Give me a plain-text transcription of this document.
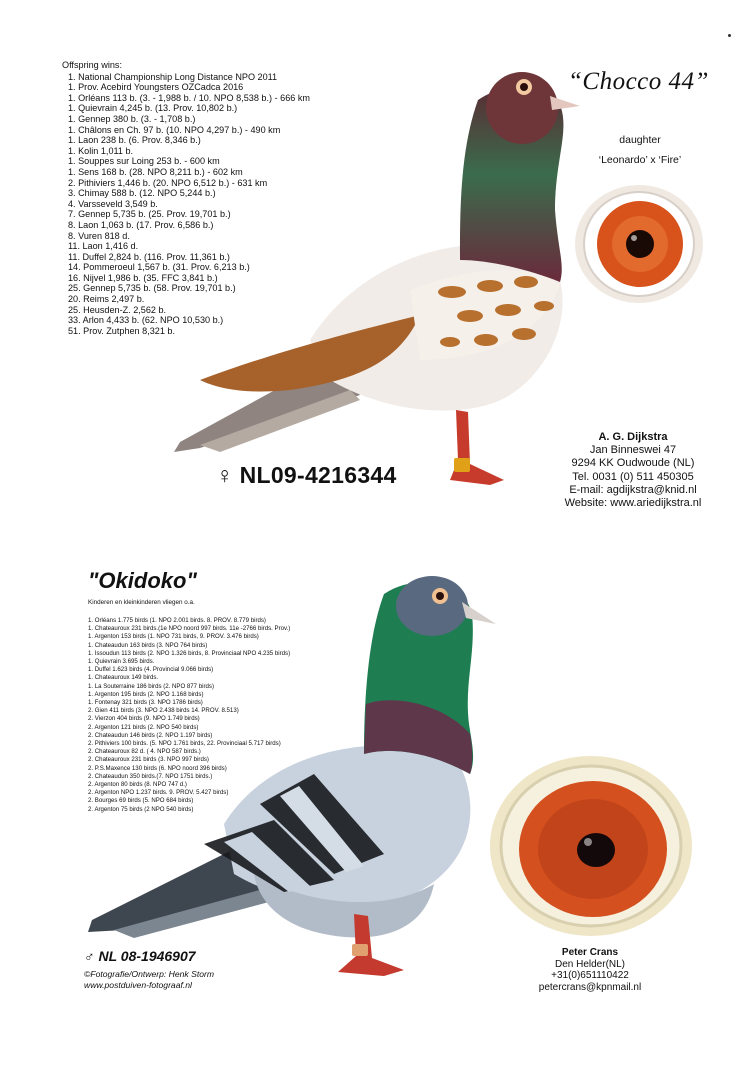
Offspring wins:
1. National Championship Long Distance NPO 2011
1. Prov. Acebird Youngsters OZCadca 2016
1. Orléans 113 b. (3. - 1,988 b. / 10. NPO 8,538 b.) - 666 km
1. Quievrain 4,245 b. (13. Prov. 10,802 b.)
1. Gennep 380 b. (3. - 1,708 b.)
1. Châlons en Ch. 97 b. (10. NPO 4,297 b.) - 490 km
1. Laon 238 b. (6. Prov. 8,346 b.)
1. Kolin 1,011 b.
1. Souppes sur Loing 253 b. - 600 km
1. Sens 168 b. (28. NPO 8,211 b.) - 602 km
2. Pithiviers 1,446 b. (20. NPO 6,512 b.) - 631 km
3. Chimay 588 b. (12. NPO 5,244 b.)
4. Varsseveld 3,549 b.
7. Gennep 5,735 b. (25. Prov. 19,701 b.)
8. Laon 1,063 b. (17. Prov. 6,586 b.)
8. Vuren 818 d.
11. Laon 1,416 d.
11. Duffel 2,824 b. (116. Prov. 11,361 b.)
14. Pommeroeul 1,567 b. (31. Prov. 6,213 b.)
16. Nijvel 1,986 b. (35. FFC 3,841 b.)
25. Gennep 5,735 b. (58. Prov. 19,701 b.)
20. Reims 2,497 b.
25. Heusden-Z. 2,562 b.
33. Arlon 4,433 b. (62. NPO 10,530 b.)
51. Prov. Zutphen 8,321 b.
“Chocco 44”
daughter
‘Leonardo’ x ‘Fire’
♀ NL09-4216344
A. G. Dijkstra
Jan Binneswei 47
9294 KK Oudwoude (NL)
Tel. 0031 (0) 511 450305
E-mail: agdijkstra@knid.nl
Website: www.ariedijkstra.nl
"Okidoko"
Kinderen en kleinkinderen vliegen o.a.
1. Orléans 1.775 birds (1. NPO 2.001 birds. 8. PROV. 8.779 birds)
1. Chateauroux 231 birds.(1e NPO noord 997 birds. 11e -2766 birds. Prov.)
1. Argenton 153 birds (1. NPO 731 birds, 9. PROV. 3.476 birds)
1. Chateaudun 163 birds (3. NPO 764 birds)
1. Issoudun 113 birds (2. NPO 1.326 birds, 8. Provinciaal NPO 4.235 birds)
1. Quievrain 3.695 birds.
1. Duffel 1.623 birds (4. Provincial 9.066 birds)
1. Chateauroux 149 birds.
1. La Souterraine 186 birds (2. NPO 877 birds)
1. Argenton 195 birds (2. NPO 1.168 birds)
1. Fontenay 321 birds (3. NPO 1786 birds)
2. Gien 411 birds (3. NPO 2.438 birds 14. PROV. 8.513)
2. Vierzon 404 birds (9. NPO 1.749 birds)
2. Argenton 121 birds (2. NPO 540 birds)
2. Chateaudun 146 birds (2. NPO 1.197 birds)
2. Pithiviers 100 birds. (5. NPO 1.761 birds, 22. Provinciaal 5.717 birds)
2. Chateauroux 82 d. ( 4. NPO 587 birds.)
2. Chateauroux 231 birds (3. NPO 997 birds)
2. P.S.Maxence 130 birds (6. NPO noord 396 birds)
2. Chateaudun 350 birds.(7. NPO 1751 birds.)
2. Argenton 80 birds (8. NPO 747 d.)
2. Argenton NPO 1.237 birds. 9. PROV. 5.427 birds)
2. Bourges 69 birds (5. NPO 684 birds)
2. Argenton 75 birds (2 NPO 540 birds)
♂ NL 08-1946907
©Fotografie/Ontwerp: Henk Storm
www.postduiven-fotograaf.nl
Peter Crans
Den Helder(NL)
+31(0)651110422
petercrans@kpnmail.nl
